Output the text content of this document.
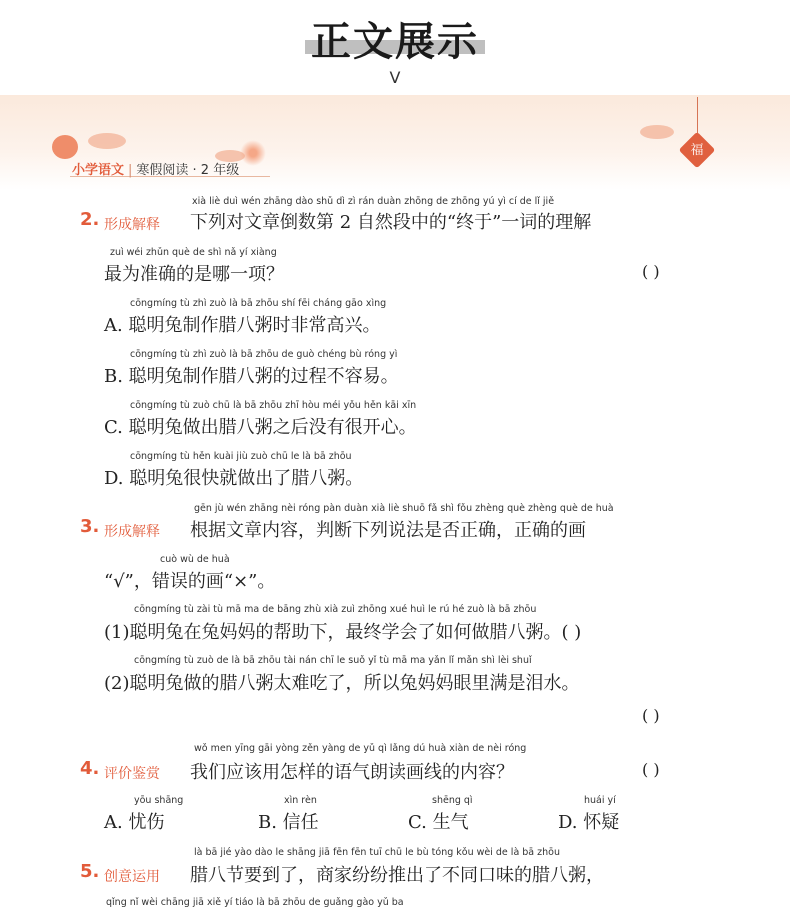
正文展示
V
福
小学语文 | 寒假阅读 · 2 年级
xià liè duì wén zhāng dào shǔ dì zì rán duàn zhōng de zhōng yú yì cí de lǐ jiě
2. 形成解释 下列对文章倒数第 2 自然段中的“终于”一词的理解
zuì wéi zhǔn què de shì nǎ yí xiàng
最为准确的是哪一项？	( )
cōngmíng tù zhì zuò là bā zhōu shí fēi cháng gāo xìng
A. 聪明兔制作腊八粥时非常高兴。
cōngmíng tù zhì zuò là bā zhōu de guò chéng bù róng yì
B. 聪明兔制作腊八粥的过程不容易。
cōngmíng tù zuò chū là bā zhōu zhī hòu méi yǒu hěn kāi xīn
C. 聪明兔做出腊八粥之后没有很开心。
cōngmíng tù hěn kuài jiù zuò chū le là bā zhōu
D. 聪明兔很快就做出了腊八粥。
gēn jù wén zhāng nèi róng pàn duàn xià liè shuō fǎ shì fǒu zhèng què zhèng què de huà
3. 形成解释 根据文章内容，判断下列说法是否正确，正确的画
cuò wù de huà
“√”，错误的画“×”。
cōngmíng tù zài tù mā ma de bāng zhù xià zuì zhōng xué huì le rú hé zuò là bā zhōu
(1)聪明兔在兔妈妈的帮助下，最终学会了如何做腊八粥。( )
cōngmíng tù zuò de là bā zhōu tài nán chī le suǒ yǐ tù mā ma yǎn lǐ mǎn shì lèi shuǐ
(2)聪明兔做的腊八粥太难吃了，所以兔妈妈眼里满是泪水。
( )
wǒ men yīng gāi yòng zěn yàng de yǔ qì lǎng dú huà xiàn de nèi róng
4. 评价鉴赏 我们应该用怎样的语气朗读画线的内容？	( )
yōu shāng
A. 忧伤
xìn rèn
B. 信任
shēng qì
C. 生气
huái yí
D. 怀疑
là bā jié yào dào le shāng jiā fēn fēn tuī chū le bù tóng kǒu wèi de là bā zhōu
5. 创意运用 腊八节要到了，商家纷纷推出了不同口味的腊八粥，
qǐng nǐ wèi chāng jiā xiě yí tiáo là bā zhōu de guǎng gào yǔ ba
